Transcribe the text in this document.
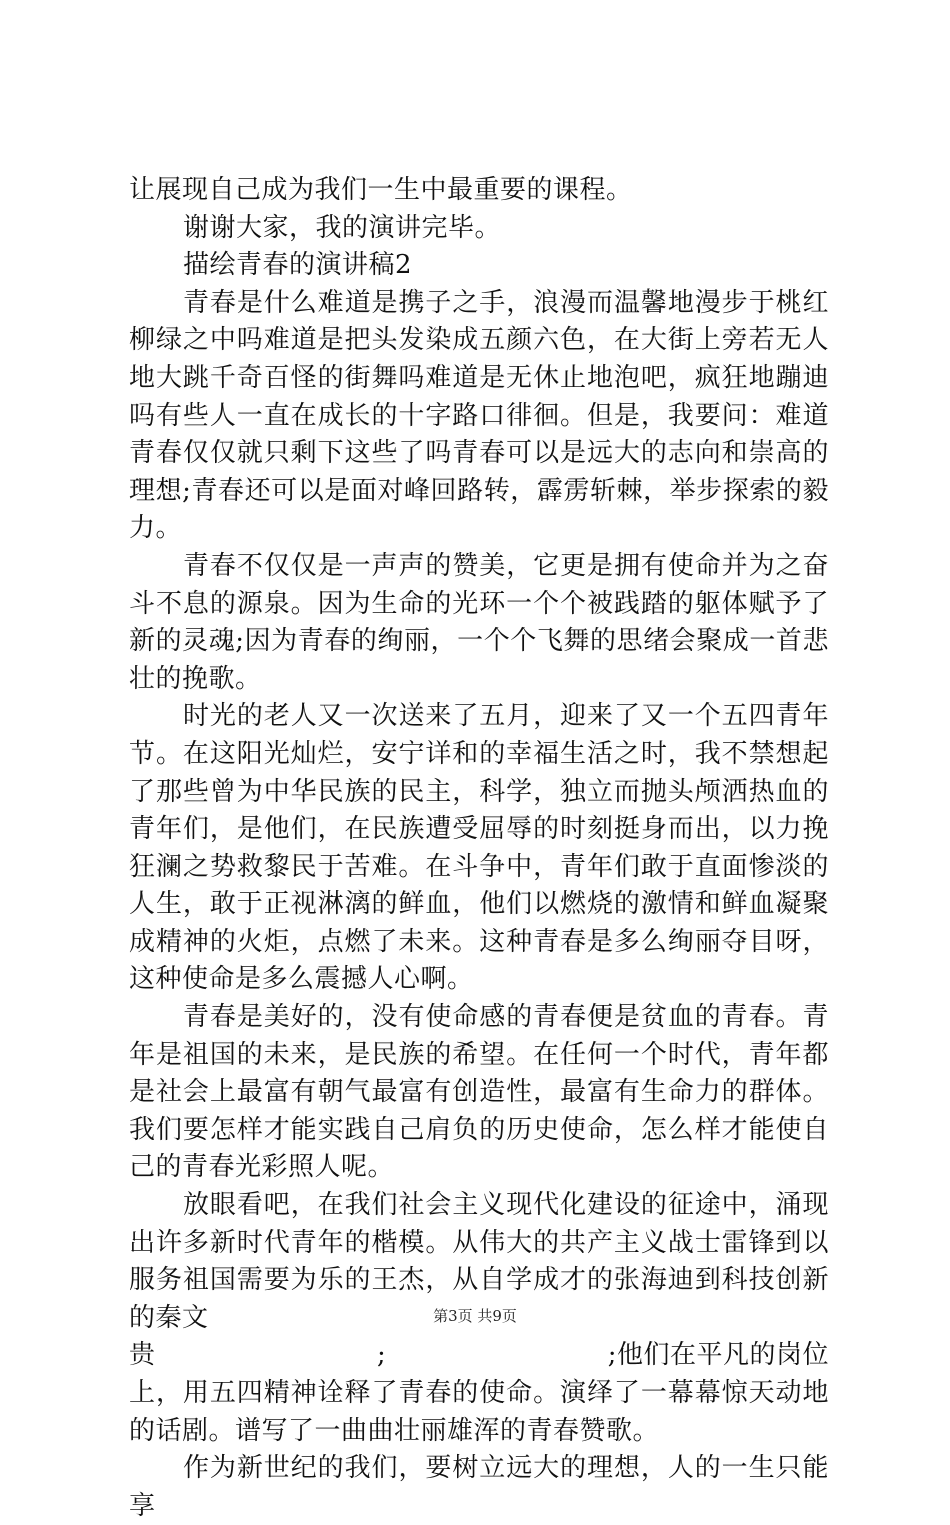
让展现自己成为我们一生中最重要的课程。

谢谢大家，我的演讲完毕。

描绘青春的演讲稿2

青春是什么难道是携子之手，浪漫而温馨地漫步于桃红柳绿之中吗难道是把头发染成五颜六色，在大街上旁若无人地大跳千奇百怪的街舞吗难道是无休止地泡吧，疯狂地蹦迪吗有些人一直在成长的十字路口徘徊。但是，我要问：难道青春仅仅就只剩下这些了吗青春可以是远大的志向和崇高的理想;青春还可以是面对峰回路转，霹雳斩棘，举步探索的毅力。

青春不仅仅是一声声的赞美，它更是拥有使命并为之奋斗不息的源泉。因为生命的光环一个个被践踏的躯体赋予了新的灵魂;因为青春的绚丽，一个个飞舞的思绪会聚成一首悲壮的挽歌。

时光的老人又一次送来了五月，迎来了又一个五四青年节。在这阳光灿烂，安宁详和的幸福生活之时，我不禁想起了那些曾为中华民族的民主，科学，独立而抛头颅洒热血的青年们，是他们，在民族遭受屈辱的时刻挺身而出，以力挽狂澜之势救黎民于苦难。在斗争中，青年们敢于直面惨淡的人生，敢于正视淋漓的鲜血，他们以燃烧的激情和鲜血凝聚成精神的火炬，点燃了未来。这种青春是多么绚丽夺目呀，这种使命是多么震撼人心啊。

青春是美好的，没有使命感的青春便是贫血的青春。青年是祖国的未来，是民族的希望。在任何一个时代，青年都是社会上最富有朝气最富有创造性，最富有生命力的群体。我们要怎样才能实践自己肩负的历史使命，怎么样才能使自己的青春光彩照人呢。

放眼看吧，在我们社会主义现代化建设的征途中，涌现出许多新时代青年的楷模。从伟大的共产主义战士雷锋到以服务祖国需要为乐的王杰，从自学成才的张海迪到科技创新的秦文

贵	;	;他们在平凡的岗位

上，用五四精神诠释了青春的使命。演绎了一幕幕惊天动地的话剧。谱写了一曲曲壮丽雄浑的青春赞歌。

作为新世纪的我们，要树立远大的理想，人的一生只能享

第3页 共9页
